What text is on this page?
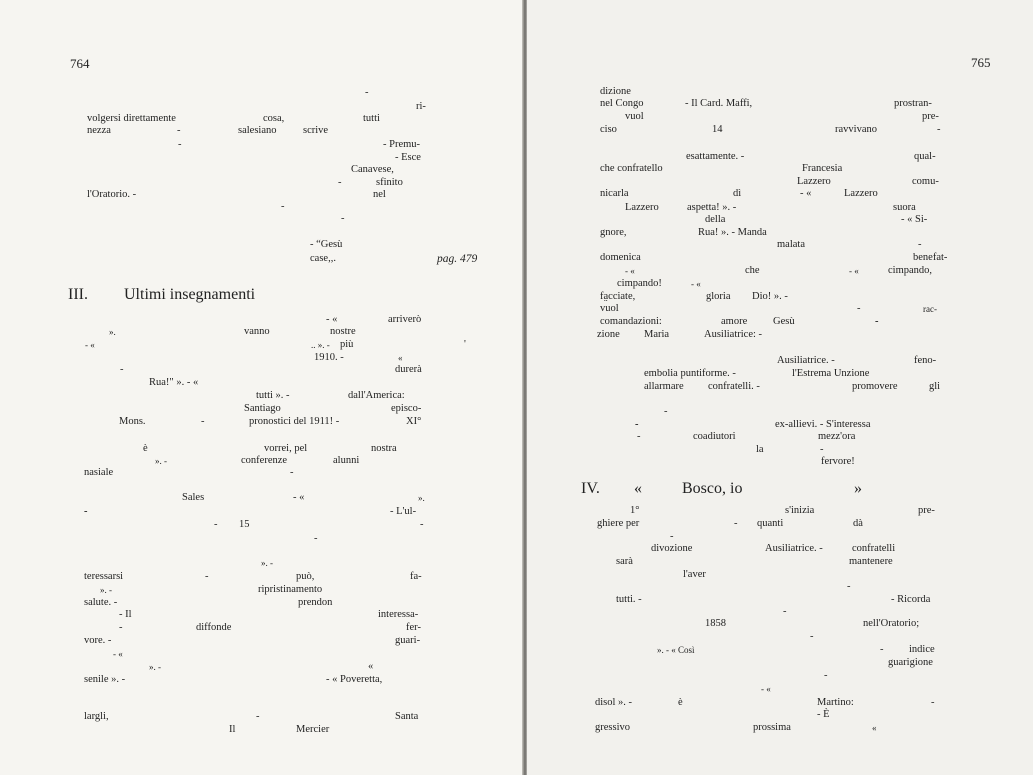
764
-
ri-
volgersi direttamente	cosa,	tutti
nezza	-	salesiano	scrive
-	- Premu-
- Esce
Canavese,
-	sfinito
l'Oratorio. -	nel
-
-
- “Gesù
case,,.	pag. 479
III. Ultimi insegnamenti
- «	arriverò
».	vanno	nostre
- «	.. ». - più	'
1910. -	«
-	durerà
Rua!" ». - «
tutti ». -	dall'America:
Santiago	episco-
Mons.	-	pronostici del 1911! -	XI°
è	vorrei, pel	nostra
». -	conferenze	alunni
nasiale	-
Sales	- «	».
-	- L'ul-
- 15	-
-
». -
teressarsi	-	può,	fa-
». -	ripristinamento
salute. -	prendon
- Il	interessa-
-	diffonde	fer-
vore. -	guari-
- «
». -	«
senile ». -	- « Poveretta,
largli,	-	Santa
Il	Mercier
765
dizione
nel Congo	- Il Card. Maffi,	prostran-
vuol	pre-
ciso	14	ravvivano	-
esattamente. -	qual-
che confratello	Francesia
Lazzero	comu-
nicarla	dì	- «	Lazzero
Lazzero	aspetta! ». -	suora
della	- « Si-
gnore,	Rua! ». - Manda
malata	-
domenica	benefat-
- «	che	- «	cimpando,
cimpando!	- «
fa̤cciate,	gloria Dio! ». -
vuol	-	rac-
comandazioni:	amore Gesù	-
zione Maria	Ausiliatrice: -
Ausiliatrice. -	feno-
embolia puntiforme. -	l'Estrema Unzione
allarmare confratelli. -	promovere	gli
-
-	ex-allievi. - S'interessa
-	coadiutori	mezz'ora
la	-
fervore!
IV. «	Bosco, io	»
1°	s'inizia	pre-
ghiere per	- quanti	dà
-
divozione	Ausiliatrice. -	confratelli
sarà	mantenere
l'aver
-
tutti. -	- Ricorda
-
1858	nell'Oratorio;
-
». - « Così	- indice
guarigione
-
- «
disol ». -	è	Martino:	-
- È
gressivo	prossima	«
